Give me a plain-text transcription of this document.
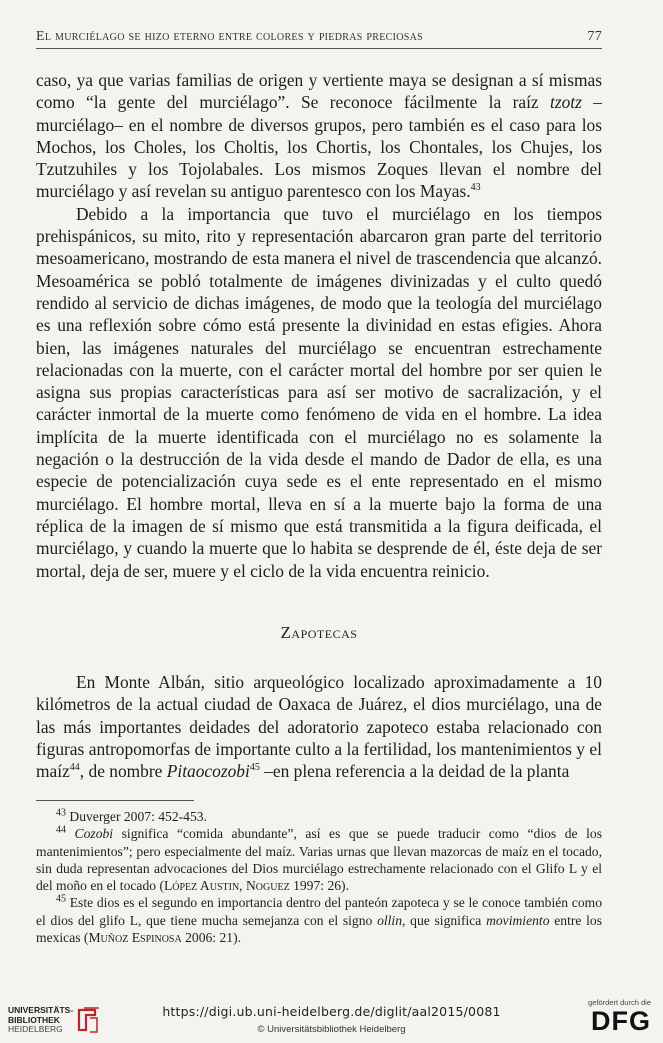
El murciélago se hizo eterno entre colores y piedras preciosas	77

caso, ya que varias familias de origen y vertiente maya se designan a sí mismas como “la gente del murciélago”. Se reconoce fácilmente la raíz tzotz –murciélago– en el nombre de diversos grupos, pero también es el caso para los Mochos, los Choles, los Choltis, los Chortis, los Chontales, los Chujes, los Tzutzuhiles y los Tojolabales. Los mismos Zoques llevan el nombre del murciélago y así revelan su antiguo parentesco con los Mayas.$^{43}$

Debido a la importancia que tuvo el murciélago en los tiempos prehispánicos, su mito, rito y representación abarcaron gran parte del territorio mesoamericano, mostrando de esta manera el nivel de trascendencia que alcanzó. Mesoamérica se pobló totalmente de imágenes divinizadas y el culto quedó rendido al servicio de dichas imágenes, de modo que la teología del murciélago es una reflexión sobre cómo está presente la divinidad en estas efigies. Ahora bien, las imágenes naturales del murciélago se encuentran estrechamente relacionadas con la muerte, con el carácter mortal del hombre por ser quien le asigna sus propias características para así ser motivo de sacralización, y el carácter inmortal de la muerte como fenómeno de vida en el hombre. La idea implícita de la muerte identificada con el murciélago no es solamente la negación o la destrucción de la vida desde el mando de Dador de ella, es una especie de potencialización cuya sede es el ente representado en el mismo murciélago. El hombre mortal, lleva en sí a la muerte bajo la forma de una réplica de la imagen de sí mismo que está transmitida a la figura deificada, el murciélago, y cuando la muerte que lo habita se desprende de él, éste deja de ser mortal, deja de ser, muere y el ciclo de la vida encuentra reinicio.

Zapotecas

En Monte Albán, sitio arqueológico localizado aproximadamente a 10 kilómetros de la actual ciudad de Oaxaca de Juárez, el dios murciélago, una de las más importantes deidades del adoratorio zapoteco estaba relacionado con figuras antropomorfas de importante culto a la fertilidad, los mantenimientos y el maíz$^{44}$, de nombre Pitaocozobi$^{45}$ –en plena referencia a la deidad de la planta

$^{43}$ Duverger 2007: 452-453.

$^{44}$ Cozobi significa “comida abundante”, así es que se puede traducir como “dios de los mantenimientos”; pero especialmente del maíz. Varias urnas que llevan mazorcas de maíz en el tocado, sin duda representan advocaciones del Dios murciélago estrechamente relacionado con el Glifo L y el del moño en el tocado (López Austin, Noguez 1997: 26).

$^{45}$ Este dios es el segundo en importancia dentro del panteón zapoteca y se le conoce también como el dios del glifo L, que tiene mucha semejanza con el signo ollin, que significa movimiento entre los mexicas (Muñoz Espinosa 2006: 21).

UNIVERSITÄTS-
BIBLIOTHEK
HEIDELBERG
https://digi.ub.uni-heidelberg.de/diglit/aal2015/0081
© Universitätsbibliothek Heidelberg
gefördert durch die
DFG
